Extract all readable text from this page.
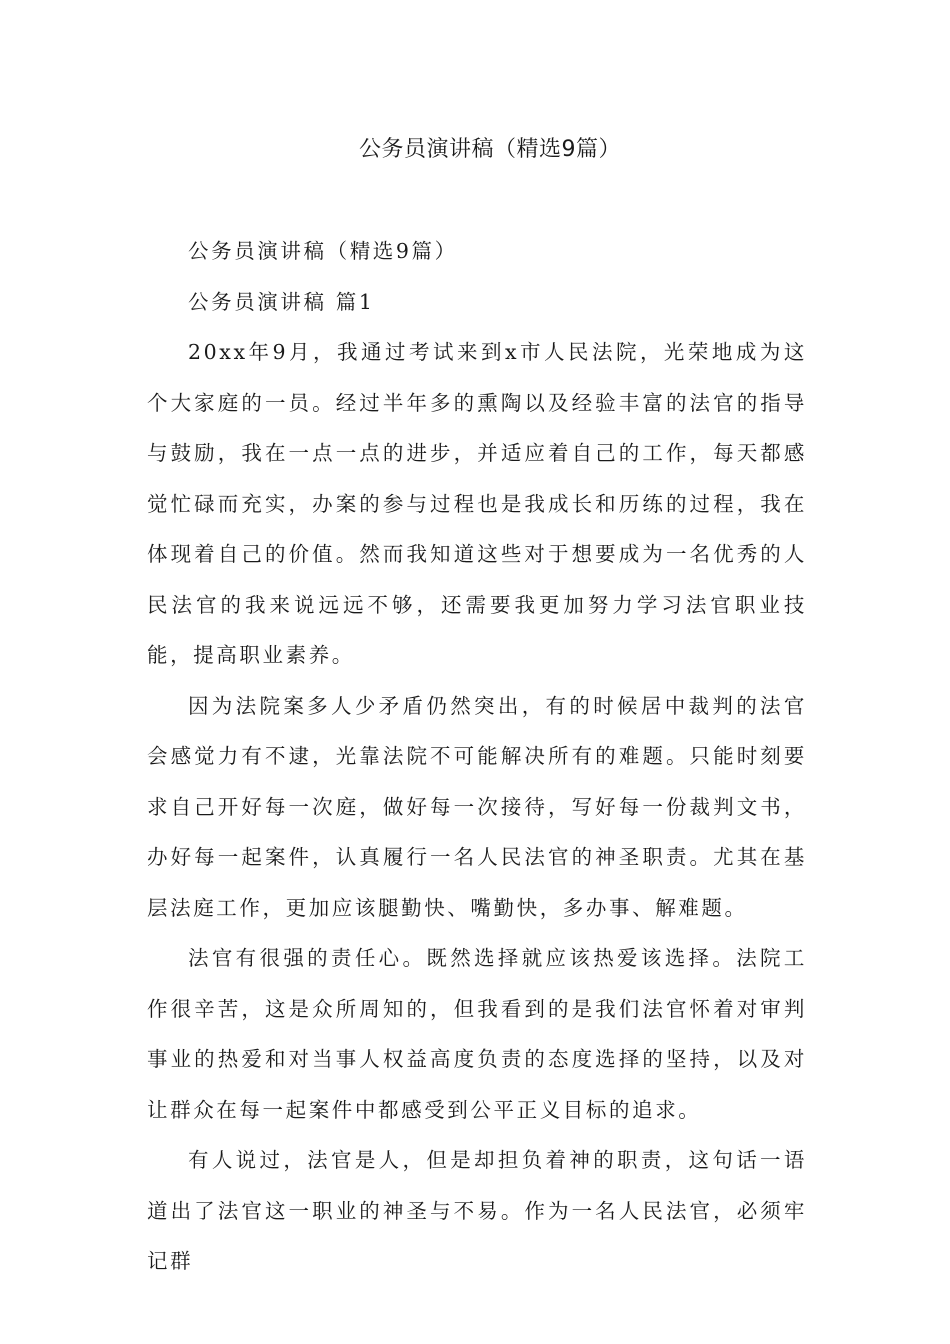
公务员演讲稿（精选9篇）

公务员演讲稿（精选9篇）

公务员演讲稿 篇1

20xx年9月，我通过考试来到x市人民法院，光荣地成为这个大家庭的一员。经过半年多的熏陶以及经验丰富的法官的指导与鼓励，我在一点一点的进步，并适应着自己的工作，每天都感觉忙碌而充实，办案的参与过程也是我成长和历练的过程，我在体现着自己的价值。然而我知道这些对于想要成为一名优秀的人民法官的我来说远远不够，还需要我更加努力学习法官职业技能，提高职业素养。

因为法院案多人少矛盾仍然突出，有的时候居中裁判的法官会感觉力有不逮，光靠法院不可能解决所有的难题。只能时刻要求自己开好每一次庭，做好每一次接待，写好每一份裁判文书，办好每一起案件，认真履行一名人民法官的神圣职责。尤其在基层法庭工作，更加应该腿勤快、嘴勤快，多办事、解难题。

法官有很强的责任心。既然选择就应该热爱该选择。法院工作很辛苦，这是众所周知的，但我看到的是我们法官怀着对审判事业的热爱和对当事人权益高度负责的态度选择的坚持，以及对让群众在每一起案件中都感受到公平正义目标的追求。

有人说过，法官是人，但是却担负着神的职责，这句话一语道出了法官这一职业的神圣与不易。作为一名人民法官，必须牢记群
